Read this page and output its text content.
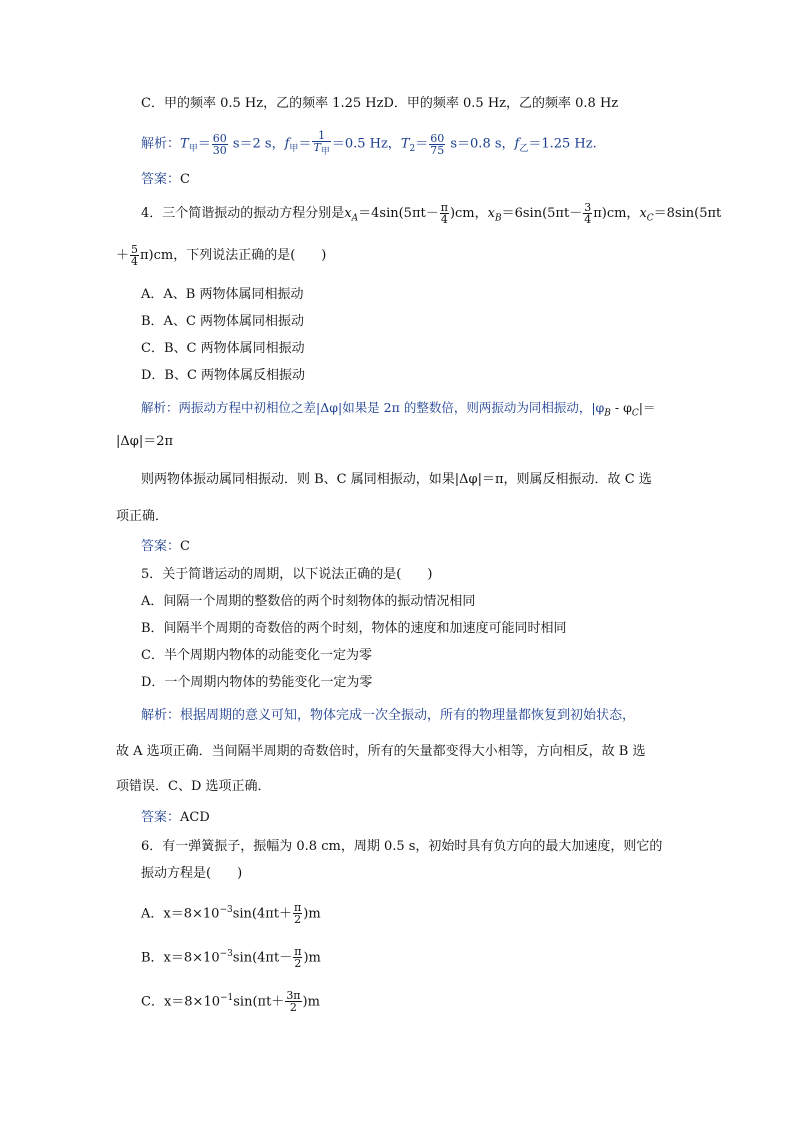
C．甲的频率 0.5 Hz，乙的频率 1.25 HzD．甲的频率 0.5 Hz，乙的频率 0.8 Hz
解析：$T_甲= \frac{60}{30} s=2$ s，$f_甲= \frac{1}{T_甲} =0.5$ Hz，$T_2= \frac{60}{75} s=0.8$ s，$f_乙=1.25$ Hz.
答案：C
4．三个简谐振动的振动方程分别是$x_A=4\sin(5\pi t- \frac{\pi}{4} )cm$，$x_B=6\sin(5\pi t- \frac{3}{4} \pi)cm$，$x_C=8\sin(5\pi t$
＋ $\frac{5}{4} \pi)cm$，下列说法正确的是(　　)
A．A、B 两物体属同相振动
B．A、C 两物体属同相振动
C．B、C 两物体属同相振动
D．B、C 两物体属反相振动
解析：两振动方程中初相位之差|Δφ|如果是 2π 的整数倍，则两振动为同相振动，$|\varphi_B - \varphi_C|=$
|Δφ|＝2π
则两物体振动属同相振动．则 B、C 属同相振动，如果|Δφ|＝π，则属反相振动．故 C 选
项正确．
答案：C
5．关于简谐运动的周期，以下说法正确的是(　　)
A．间隔一个周期的整数倍的两个时刻物体的振动情况相同
B．间隔半个周期的奇数倍的两个时刻，物体的速度和加速度可能同时相同
C．半个周期内物体的动能变化一定为零
D．一个周期内物体的势能变化一定为零
解析：根据周期的意义可知，物体完成一次全振动，所有的物理量都恢复到初始状态，
故 A 选项正确．当间隔半周期的奇数倍时，所有的矢量都变得大小相等，方向相反，故 B 选
项错误．C、D 选项正确．
答案：ACD
6．有一弹簧振子，振幅为 0.8 cm，周期 0.5 s，初始时具有负方向的最大加速度，则它的
振动方程是(　　)
A．$x=8\times 10^{-3}\sin(4\pi t+ \frac{\pi}{2} )m$
B．$x=8\times 10^{-3}\sin(4\pi t- \frac{\pi}{2} )m$
C．$x=8\times 10^{-1}\sin(\pi t+ \frac{3\pi}{2} )m$
